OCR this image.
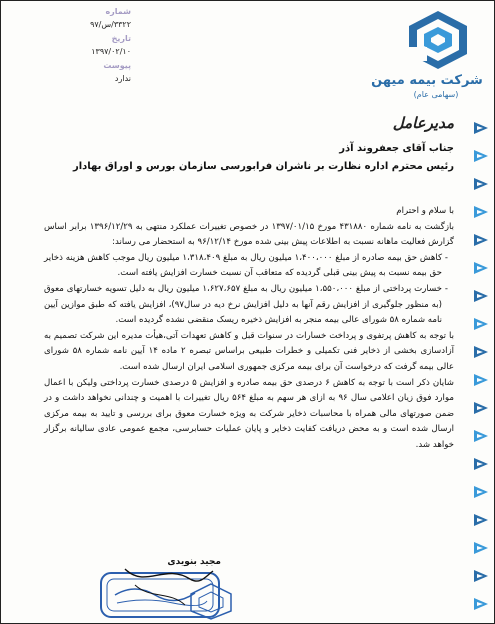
شماره
۳۳۲۲/س/۹۷
تاریخ
۱۳۹۷/۰۲/۱۰
پیوست
ندارد	شرکت بیمه میهن
(سهامی عام)
مدیرعامل
جناب آقای جعفروند آذر
رئیس محترم اداره نظارت بر ناشران فرابورسی سازمان بورس و اوراق بهادار

با سلام و احترام

بازگشت به نامه شماره ۴۳۱۸۸۰ مورخ ۱۳۹۷/۰۱/۱۵ در خصوص تغییرات عملکرد منتهی به ۱۳۹۶/۱۲/۲۹ برابر اساس گزارش فعالیت ماهانه نسبت به اطلاعات پیش بینی شده مورخ ۹۶/۱۲/۱۴ به استحضار می رساند:

- کاهش حق بیمه صادره از مبلغ ۱،۴۰۰،۰۰۰ میلیون ریال به مبلغ ۱،۳۱۸،۴۰۹ میلیون ریال موجب کاهش هزینه ذخایر حق بیمه نسبت به پیش بینی قبلی گردیده که متعاقب آن نسبت خسارت افزایش یافته است.

- خسارت پرداختی از مبلغ ۱،۵۵۰،۰۰۰ میلیون ریال به مبلغ ۱،۶۲۷،۶۵۷ میلیون ریال به دلیل تسویه خسارتهای معوق (به منظور جلوگیری از افزایش رقم آنها به دلیل افزایش نرخ دیه در سال۹۷)، افزایش یافته که طبق موازین آیین نامه شماره ۵۸ شورای عالی بیمه منجر به افزایش ذخیره ریسک منقضی نشده گردیده است.

با توجه به کاهش پرتفوی و پرداخت خسارات در سنوات قبل و کاهش تعهدات آتی،هیأت مدیره این شرکت تصمیم به آزادسازی بخشی از ذخایر فنی تکمیلی و خطرات طبیعی براساس تبصره ۲ ماده ۱۴ آیین نامه شماره ۵۸ شورای عالی بیمه گرفت که درخواست آن برای بیمه مرکزی جمهوری اسلامی ایران ارسال شده است.

شایان ذکر است با توجه به کاهش ۶ درصدی حق بیمه صادره و افزایش ۵ درصدی خسارت پرداختی ولیکن با اعمال موارد فوق زیان اعلامی سال ۹۶ به ازای هر سهم به مبلغ ۵۶۴ ریال تغییرات با اهمیت و چندانی نخواهد داشت و در ضمن صورتهای مالی همراه با محاسبات ذخایر شرکت به ویژه خسارت معوق برای بررسی و تایید به بیمه مرکزی ارسال شده است و به محض دریافت کفایت ذخایر و پایان عملیات حسابرسی، مجمع عمومی عادی سالیانه برگزار خواهد شد.

مجید بنویدی
